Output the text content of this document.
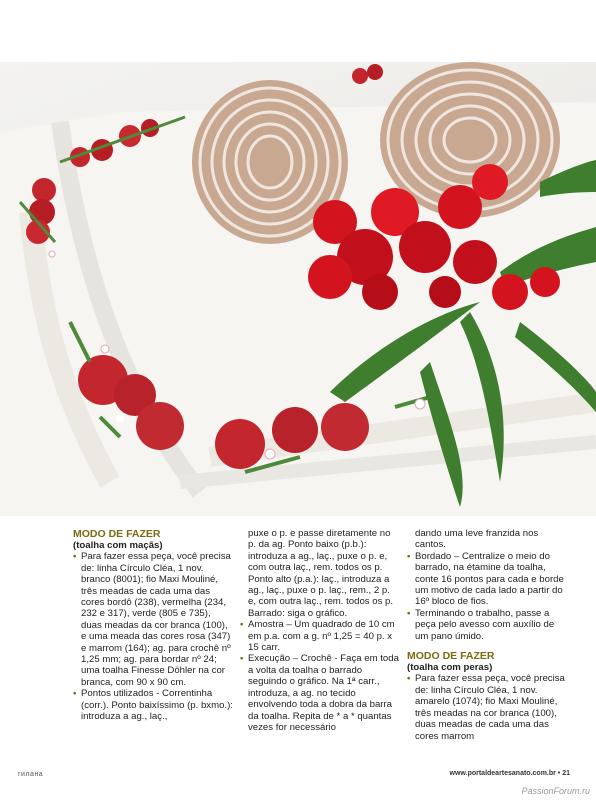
MODO DE FAZER
(toalha com maçãs)
• Para fazer essa peça, você precisa de: linha Círculo Cléa, 1 nov. branco (8001); fio Maxi Mouliné, três meadas de cada uma das cores bordô (238), vermelha (234, 232 e 317), verde (805 e 735), duas meadas da cor branca (100), e uma meada das cores rosa (347) e marrom (164); ag. para crochê nº 1,25 mm; ag. para bordar nº 24; uma toalha Finesse Döhler na cor branca, com 90 x 90 cm.
• Pontos utilizados - Correntinha (corr.). Ponto baixíssimo (p. bxmo.): introduza a ag., laç.,
puxe o p. e passe diretamente no p. da ag. Ponto baixo (p.b.): introduza a ag., laç., puxe o p. e, com outra laç., rem. todos os p. Ponto alto (p.a.): laç., introduza a ag., laç., puxe o p. laç., rem., 2 p. e, com outra laç., rem. todos os p. Barrado: siga o gráfico.
• Amostra – Um quadrado de 10 cm em p.a. com a g. nº 1,25 = 40 p. x 15 carr.
• Execução – Crochê - Faça em toda a volta da toalha o barrado seguindo o gráfico. Na 1ª carr., introduza, a ag. no tecido envolvendo toda a dobra da barra da toalha. Repita de * a * quantas vezes for necessário
dando uma leve franzida nos cantos.
• Bordado – Centralize o meio do barrado, na étamine da toalha, conte 16 pontos para cada e borde um motivo de cada lado a partir do 16º bloco de fios.
• Terminando o trabalho, passe a peça pelo avesso com auxílio de um pano úmido.
MODO DE FAZER
(toalha com peras)
• Para fazer essa peça, você precisa de: linha Círculo Cléa, 1 nov. amarelo (1074); fio Maxi Mouliné, três meadas na cor branca (100), duas meadas de cada uma das cores marrom
гилана	www.portaldeartesanato.com.br • 21
PassionForum.ru
